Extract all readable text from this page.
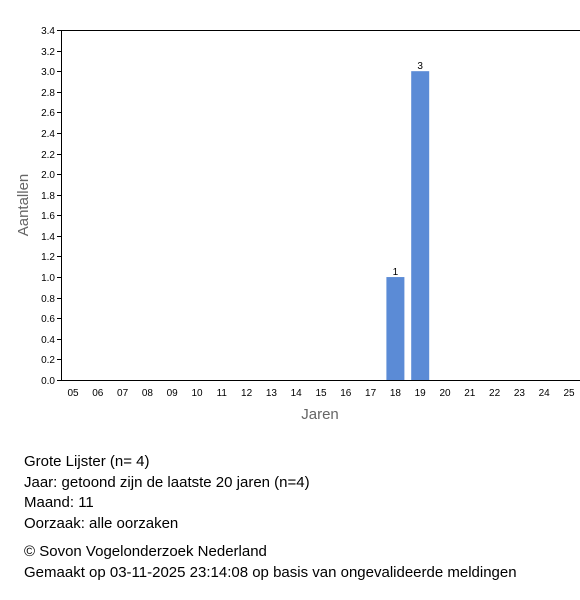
0.0
0.2
0.4
0.6
0.8
1.0
1.2
1.4
1.6
1.8
2.0
2.2
2.4
2.6
2.8
3.0
3.2
3.4
05 06 07 08 09 10 11 12 13 14 15 16 17 18 19 20 21 22 23 24 25
1
3
Aantallen
Jaren
Grote Lijster (n= 4)
Jaar: getoond zijn de laatste 20 jaren (n=4)
Maand: 11
Oorzaak: alle oorzaken
© Sovon Vogelonderzoek Nederland
Gemaakt op 03-11-2025 23:14:08 op basis van ongevalideerde meldingen
